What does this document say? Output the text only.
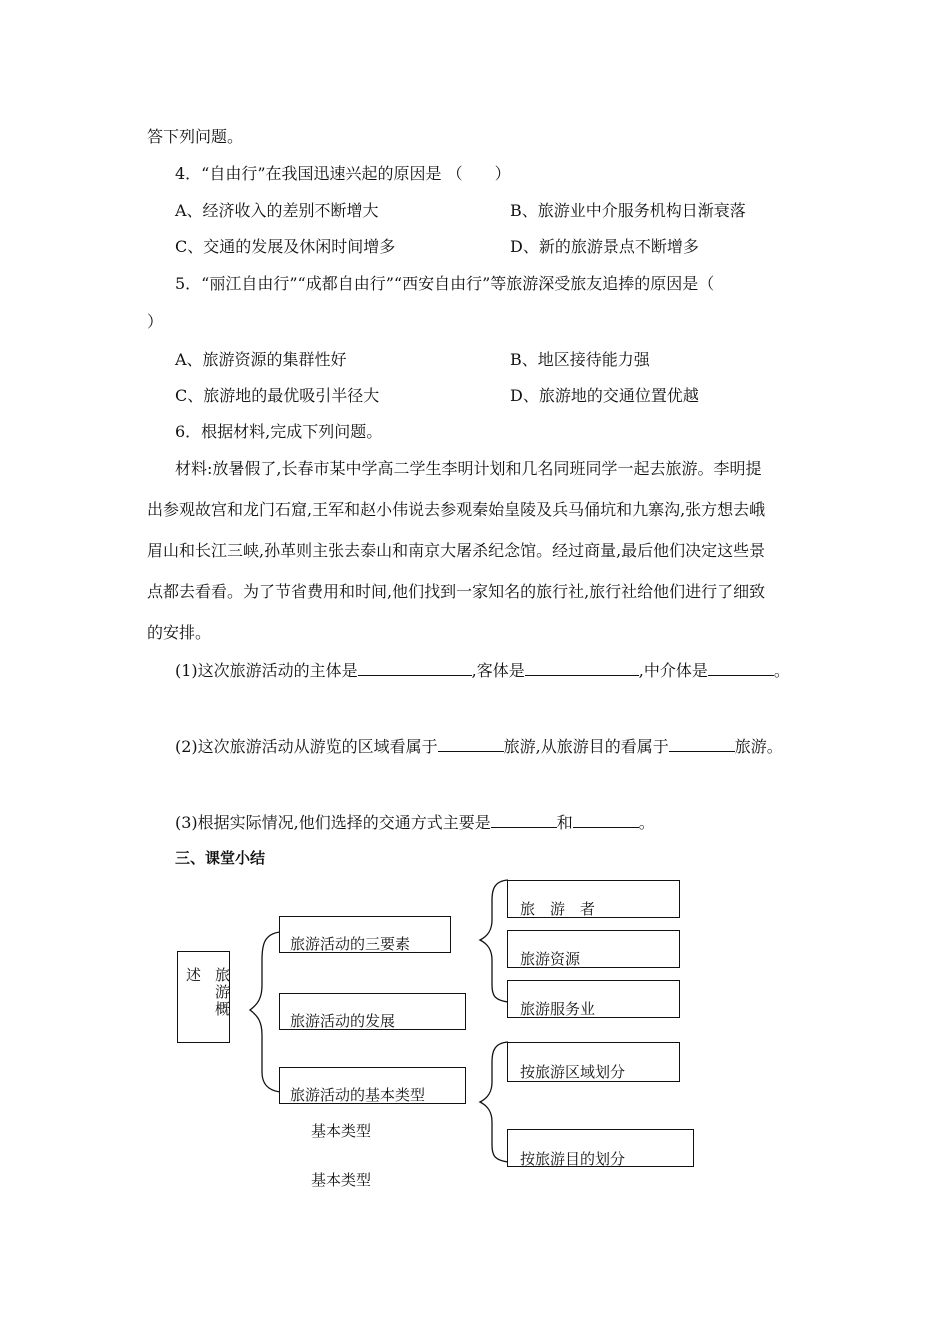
答下列问题。
4．“自由行”在我国迅速兴起的原因是 （　　）
A、经济收入的差别不断增大	B、旅游业中介服务机构日渐衰落
C、交通的发展及休闲时间增多	D、新的旅游景点不断增多
5．“丽江自由行”“成都自由行”“西安自由行”等旅游深受旅友追捧的原因是（
）
A、旅游资源的集群性好	B、地区接待能力强
C、旅游地的最优吸引半径大	D、旅游地的交通位置优越
6．根据材料,完成下列问题。
材料:放暑假了,长春市某中学高二学生李明计划和几名同班同学一起去旅游。李明提
出参观故宫和龙门石窟,王军和赵小伟说去参观秦始皇陵及兵马俑坑和九寨沟,张方想去峨
眉山和长江三峡,孙革则主张去泰山和南京大屠杀纪念馆。经过商量,最后他们决定这些景
点都去看看。为了节省费用和时间,他们找到一家知名的旅行社,旅行社给他们进行了细致
的安排。
(1)这次旅游活动的主体是	,客体是	,中介体是	。
(2)这次旅游活动从游览的区域看属于	旅游,从旅游目的看属于	旅游。
(3)根据实际情况,他们选择的交通方式主要是	和	。
三、课堂小结
述 旅
游
概
旅游活动的三要素
旅游活动的发展
旅游活动的基本类型
旅　游　者
旅游资源
旅游服务业
按旅游区域划分
按旅游目的划分
基本类型
基本类型
